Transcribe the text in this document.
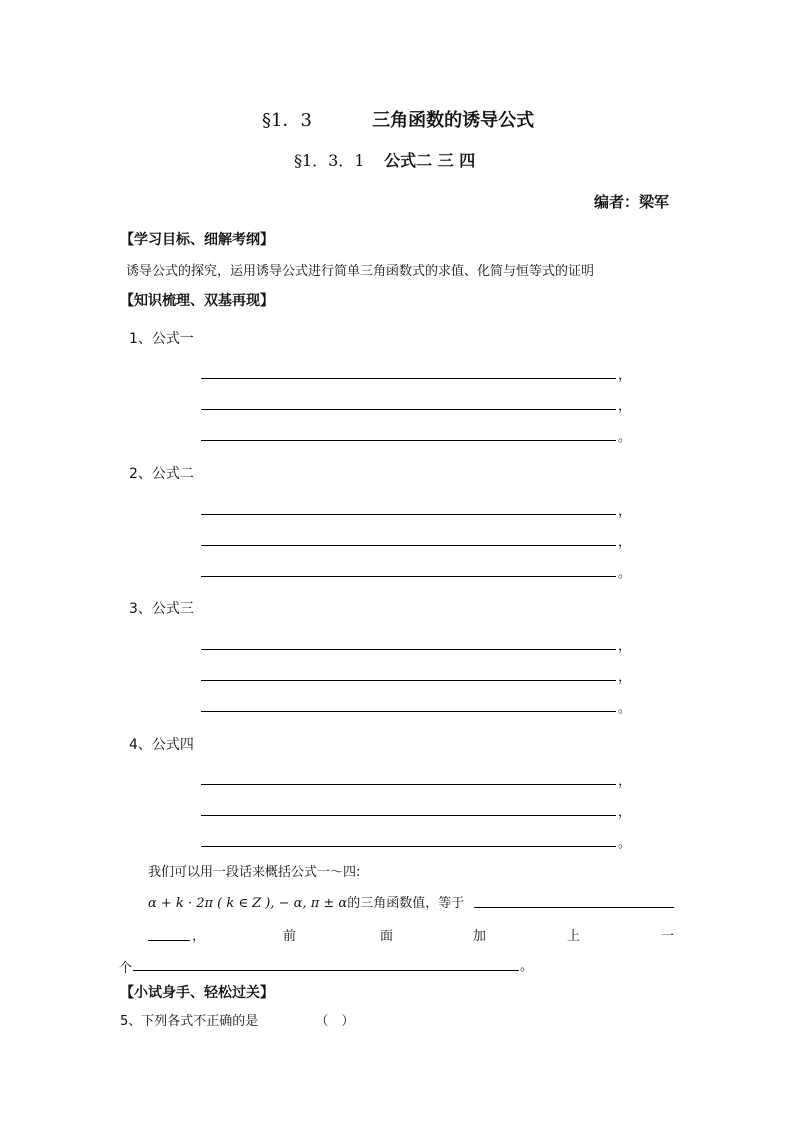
§1．3	三角函数的诱导公式
§1．3．1 公式二 三 四
编者：梁军
【学习目标、细解考纲】
诱导公式的探究，运用诱导公式进行简单三角函数式的求值、化简与恒等式的证明
【知识梳理、双基再现】
1、公式一
，
，
。
2、公式二
，
，
。
3、公式三
，
，
。
4、公式四
，
，
。
我们可以用一段话来概括公式一～四:
α + k · 2π ( k ∈ Z ), − α, π ± α的三角函数值，等于
，	前	面	加	上	一
个	。
【小试身手、轻松过关】
5、下列各式不正确的是	（　）
